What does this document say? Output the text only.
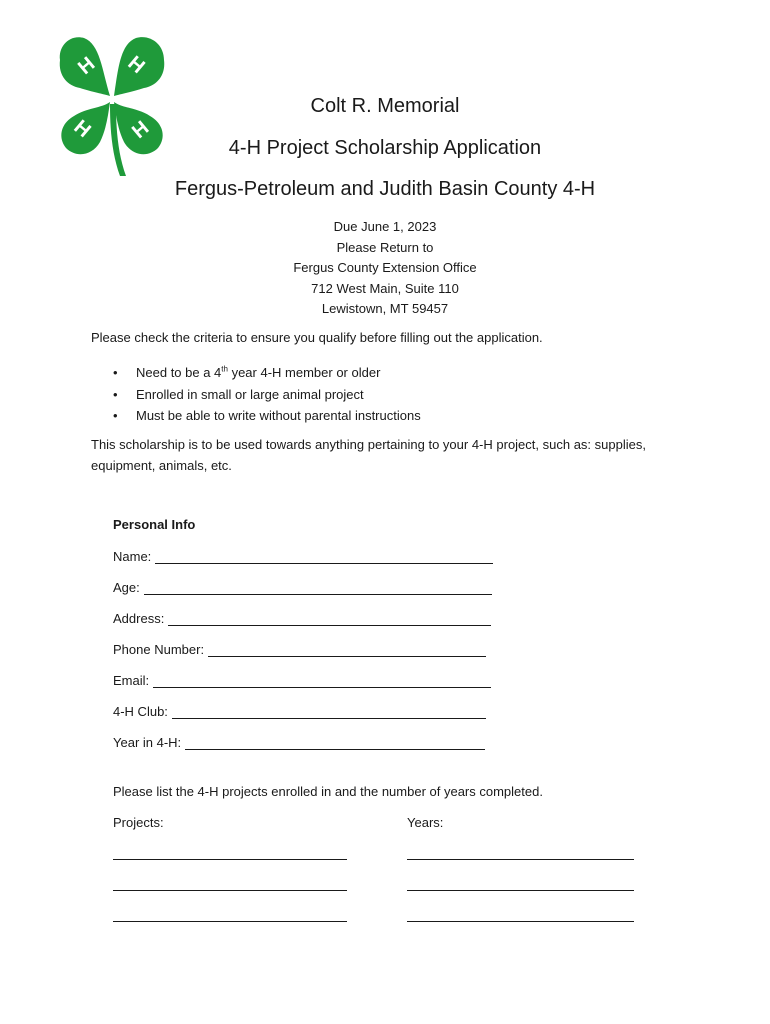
H H
H H
Colt R. Memorial
4-H Project Scholarship Application
Fergus-Petroleum and Judith Basin County 4-H
Due June 1, 2023
Please Return to
Fergus County Extension Office
712 West Main, Suite 110
Lewistown, MT 59457
Please check the criteria to ensure you qualify before filling out the application.
• Need to be a 4th year 4-H member or older
• Enrolled in small or large animal project
• Must be able to write without parental instructions
This scholarship is to be used towards anything pertaining to your 4-H project, such as: supplies, equipment, animals, etc.
Personal Info
Name:
Age:
Address:
Phone Number:
Email:
4-H Club:
Year in 4-H:
Please list the 4-H projects enrolled in and the number of years completed.
Projects:	Years:
